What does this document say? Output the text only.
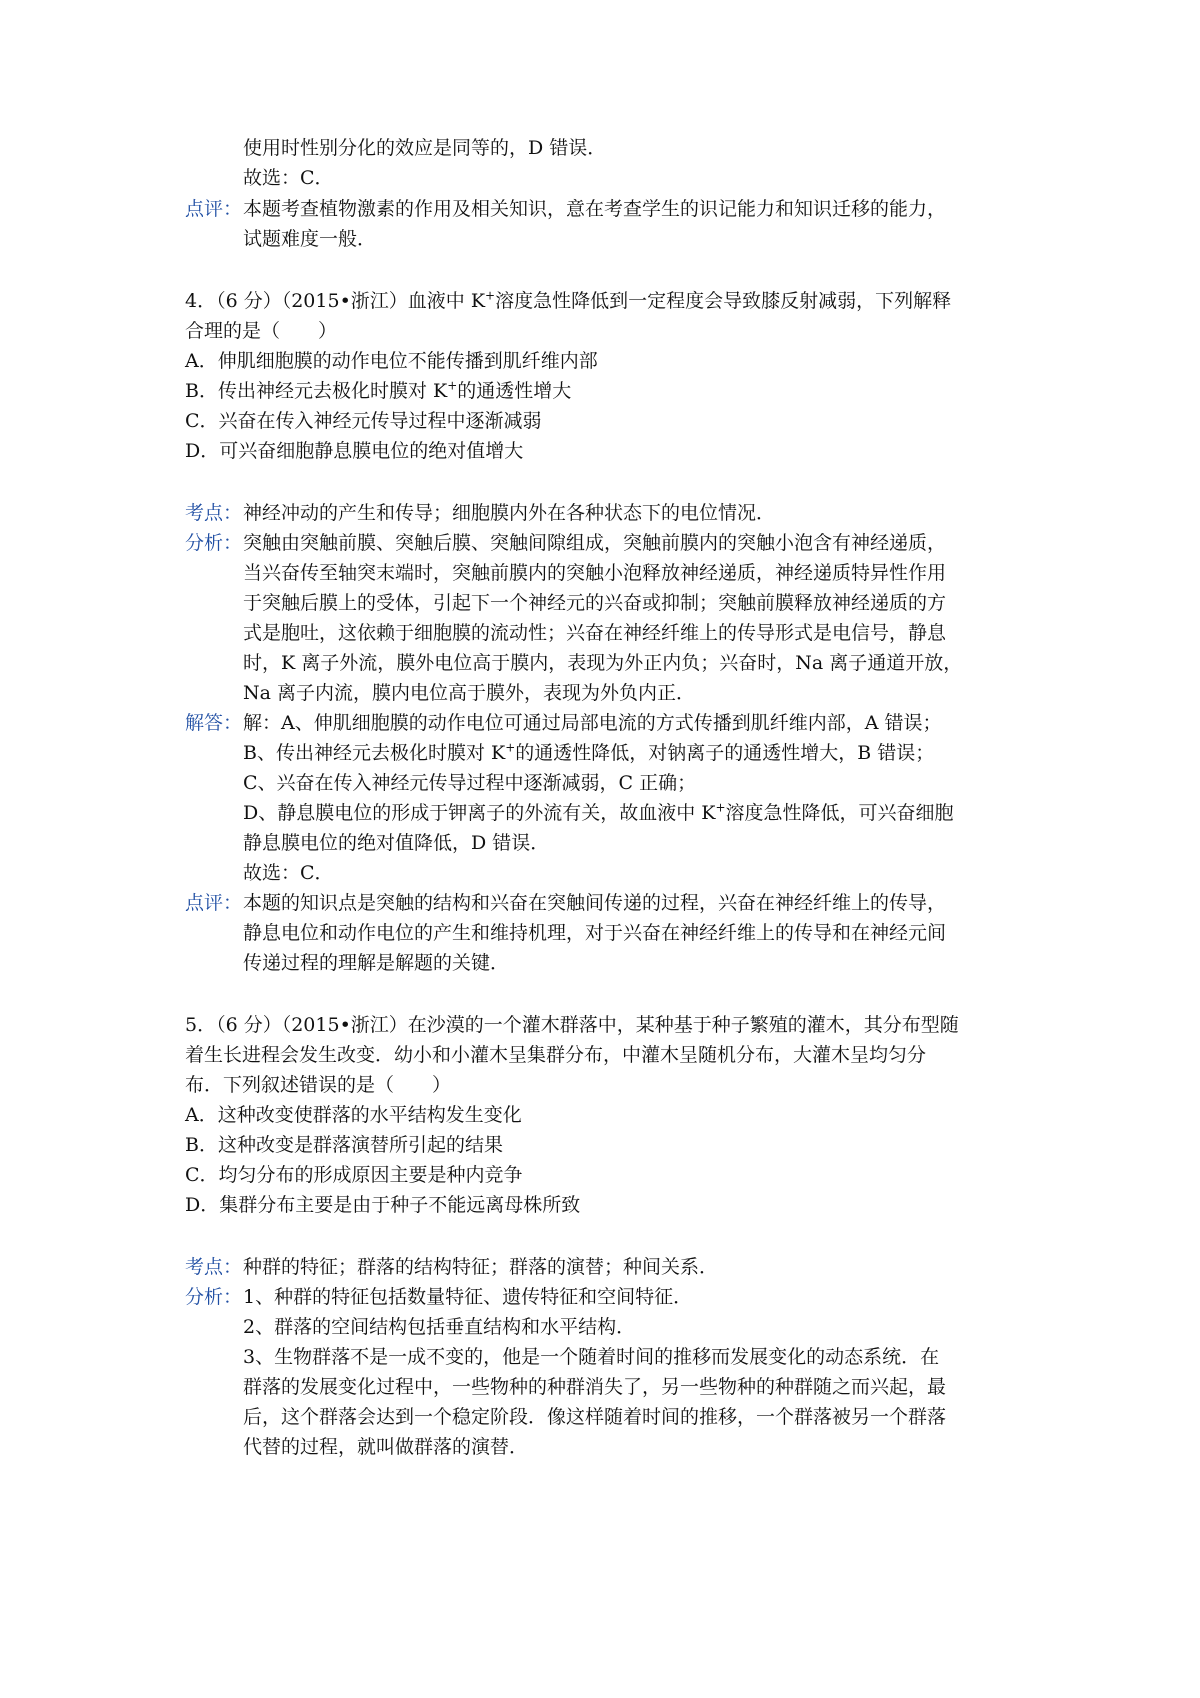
使用时性别分化的效应是同等的，D 错误．
故选：C．
点评： 本题考查植物激素的作用及相关知识，意在考查学生的识记能力和知识迁移的能力，
试题难度一般．
4．（6 分）（2015•浙江）血液中 K+溶度急性降低到一定程度会导致膝反射减弱，下列解释
合理的是（　　）
A．伸肌细胞膜的动作电位不能传播到肌纤维内部
B．传出神经元去极化时膜对 K+的通透性增大
C．兴奋在传入神经元传导过程中逐渐减弱
D．可兴奋细胞静息膜电位的绝对值增大
考点： 神经冲动的产生和传导；细胞膜内外在各种状态下的电位情况．
分析： 突触由突触前膜、突触后膜、突触间隙组成，突触前膜内的突触小泡含有神经递质，
当兴奋传至轴突末端时，突触前膜内的突触小泡释放神经递质，神经递质特异性作用
于突触后膜上的受体，引起下一个神经元的兴奋或抑制；突触前膜释放神经递质的方
式是胞吐，这依赖于细胞膜的流动性；兴奋在神经纤维上的传导形式是电信号，静息
时，K 离子外流，膜外电位高于膜内，表现为外正内负；兴奋时，Na 离子通道开放，
Na 离子内流，膜内电位高于膜外，表现为外负内正．
解答： 解：A、伸肌细胞膜的动作电位可通过局部电流的方式传播到肌纤维内部，A 错误；
B、传出神经元去极化时膜对 K+的通透性降低，对钠离子的通透性增大，B 错误；
C、兴奋在传入神经元传导过程中逐渐减弱，C 正确；
D、静息膜电位的形成于钾离子的外流有关，故血液中 K+溶度急性降低，可兴奋细胞
静息膜电位的绝对值降低，D 错误．
故选：C．
点评： 本题的知识点是突触的结构和兴奋在突触间传递的过程，兴奋在神经纤维上的传导，
静息电位和动作电位的产生和维持机理，对于兴奋在神经纤维上的传导和在神经元间
传递过程的理解是解题的关键．
5．（6 分）（2015•浙江）在沙漠的一个灌木群落中，某种基于种子繁殖的灌木，其分布型随
着生长进程会发生改变．幼小和小灌木呈集群分布，中灌木呈随机分布，大灌木呈均匀分
布．下列叙述错误的是（　　）
A．这种改变使群落的水平结构发生变化
B．这种改变是群落演替所引起的结果
C．均匀分布的形成原因主要是种内竞争
D．集群分布主要是由于种子不能远离母株所致
考点： 种群的特征；群落的结构特征；群落的演替；种间关系．
分析： 1、种群的特征包括数量特征、遗传特征和空间特征．
2、群落的空间结构包括垂直结构和水平结构．
3、生物群落不是一成不变的，他是一个随着时间的推移而发展变化的动态系统．在
群落的发展变化过程中，一些物种的种群消失了，另一些物种的种群随之而兴起，最
后，这个群落会达到一个稳定阶段．像这样随着时间的推移，一个群落被另一个群落
代替的过程，就叫做群落的演替．
